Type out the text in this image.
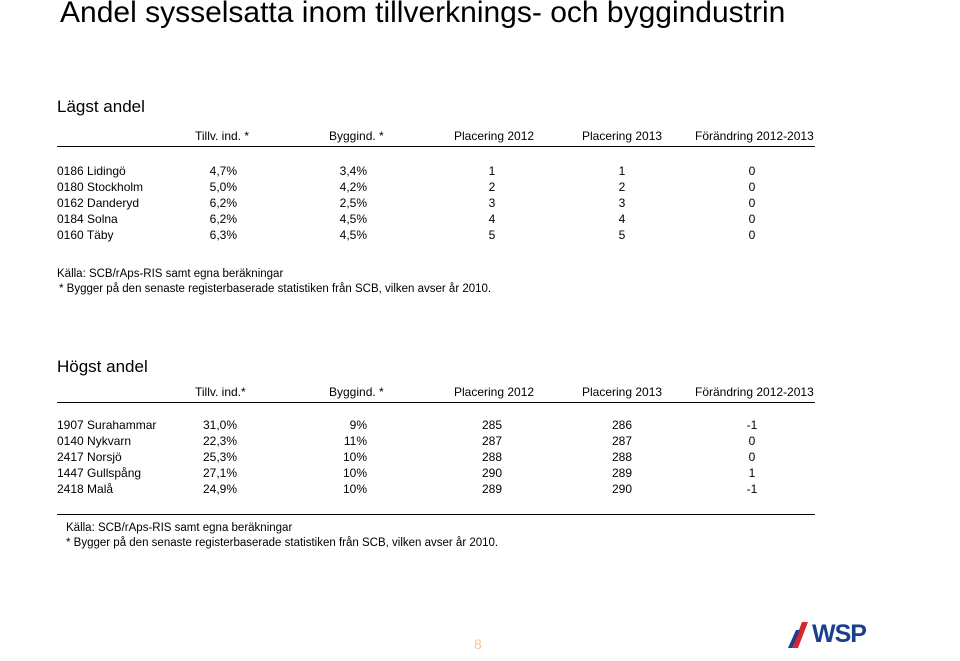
Andel sysselsatta inom tillverknings- och byggindustrin
Lägst andel
Tillv. ind. *	Byggind. *	Placering 2012	Placering 2013	Förändring 2012-2013
0186 Lidingö	4,7%	3,4%	1	1	0
0180 Stockholm	5,0%	4,2%	2	2	0
0162 Danderyd	6,2%	2,5%	3	3	0
0184 Solna	6,2%	4,5%	4	4	0
0160 Täby	6,3%	4,5%	5	5	0
Källa: SCB/rAps-RIS samt egna beräkningar
* Bygger på den senaste registerbaserade statistiken från SCB, vilken avser år 2010.
Högst andel
Tillv. ind.*	Byggind. *	Placering 2012	Placering 2013	Förändring 2012-2013
1907 Surahammar	31,0%	9%	285	286	-1
0140 Nykvarn	22,3%	11%	287	287	0
2417 Norsjö	25,3%	10%	288	288	0
1447 Gullspång	27,1%	10%	290	289	1
2418 Malå	24,9%	10%	289	290	-1
Källa: SCB/rAps-RIS samt egna beräkningar
* Bygger på den senaste registerbaserade statistiken från SCB, vilken avser år 2010.
8	WSP
